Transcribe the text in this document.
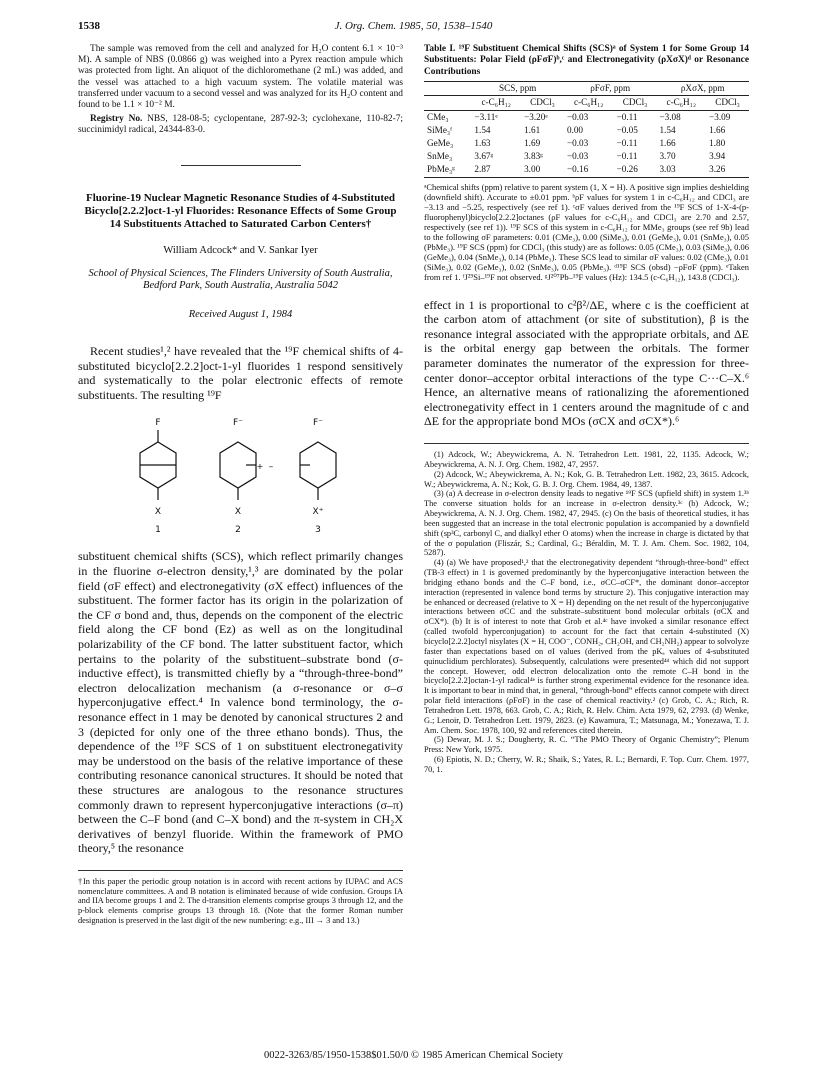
1538	J. Org. Chem. 1985, 50, 1538–1540

The sample was removed from the cell and analyzed for H₂O content 6.1 × 10⁻³ M). A sample of NBS (0.0866 g) was weighed into a Pyrex reaction ampule which was protected from light. An aliquot of the dichloromethane (2 mL) was added, and the vessel was attached to a high vacuum system. The volatile material was transferred under vacuum to a second vessel and was analyzed for its H₂O content and found to be 1.1 × 10⁻² M.

Registry No. NBS, 128-08-5; cyclopentane, 287-92-3; cyclohexane, 110-82-7; succinimidyl radical, 24344-83-0.

Fluorine-19 Nuclear Magnetic Resonance Studies of 4-Substituted Bicyclo[2.2.2]oct-1-yl Fluorides: Resonance Effects of Some Group 14 Substituents Attached to Saturated Carbon Centers†
William Adcock* and V. Sankar Iyer
School of Physical Sciences, The Flinders University of South Australia, Bedford Park, South Australia, Australia 5042
Received August 1, 1984

Recent studies¹,² have revealed that the ¹⁹F chemical shifts of 4-substituted bicyclo[2.2.2]oct-1-yl fluorides 1 respond sensitively and systematically to the polar electronic effects of remote substituents. The resulting ¹⁹F

F	F⁻	F⁻
X	X	X⁺
+ –
1	2	3

substituent chemical shifts (SCS), which reflect primarily changes in the fluorine σ-electron density,¹,³ are dominated by the polar field (σF effect) and electronegativity (σX effect) influences of the substituent. The former factor has its origin in the polarization of the CF σ bond and, thus, depends on the component of the electric field along the CF bond (Ez) as well as on the longitudinal polarizability of the CF bond. The latter substituent factor, which pertains to the polarity of the substituent–substrate bond (σ-inductive effect), is transmitted chiefly by a “through-three-bond” electron delocalization mechanism (a σ-resonance or σ–σ hyperconjugative effect.⁴ In valence bond terminology, the σ-resonance effect in 1 may be denoted by canonical structures 2 and 3 (depicted for only one of the three ethano bonds). Thus, the dependence of the ¹⁹F SCS of 1 on substituent electronegativity may be understood on the basis of the relative importance of these contributing resonance canonical structures. It should be noted that these structures are analogous to the resonance structures commonly drawn to represent hyperconjugative interactions (σ–π) between the C–F bond (and C–X bond) and the π-system in CH₂X derivatives of benzyl fluoride. Within the framework of PMO theory,⁵ the resonance

†In this paper the periodic group notation is in accord with recent actions by IUPAC and ACS nomenclature committees. A and B notation is eliminated because of wide confusion. Groups IA and IIA become groups 1 and 2. The d-transition elements comprise groups 3 through 12, and the p-block elements comprise groups 13 through 18. (Note that the former Roman number designation is preserved in the last digit of the new numbering: e.g., III → 3 and 13.)
Table I. ¹⁹F Substituent Chemical Shifts (SCS)ᵃ of System 1 for Some Group 14 Substituents: Polar Field (ρFσF)ᵇ,ᶜ and Electronegativity (ρXσX)ᵈ or Resonance Contributions
	SCS, ppm		ρFσF, ppm		ρXσX, ppm	
	c-C₆H₁₂	CDCl₃	c-C₆H₁₂	CDCl₃	c-C₆H₁₂	CDCl₃
CMe₃	−3.11ᵉ	−3.20ᵉ	−0.03	−0.11	−3.08	−3.09
SiMe₃ᶠ	1.54	1.61	0.00	−0.05	1.54	1.66
GeMe₃	1.63	1.69	−0.03	−0.11	1.66	1.80
SnMe₃	3.67ᵍ	3.83ᵍ	−0.03	−0.11	3.70	3.94
PbMe₃ᵍ	2.87	3.00	−0.16	−0.26	3.03	3.26
ᵃChemical shifts (ppm) relative to parent system (1, X = H). A positive sign implies deshielding (downfield shift). Accurate to ±0.01 ppm. ᵇρF values for system 1 in c-C₆H₁₂ and CDCl₃ are −3.13 and −5.25, respectively (see ref 1). ᶜσF values derived from the ¹⁹F SCS of 1-X-4-(p-fluorophenyl)bicyclo[2.2.2]octanes (ρF values for c-C₆H₁₂ and CDCl₃ are 2.70 and 2.57, respectively (see ref 1)). ¹⁹F SCS of this system in c-C₆H₁₂ for MMe₃ groups (see ref 9b) lead to the following σF parameters: 0.01 (CMe₃), 0.00 (SiMe₃), 0.01 (GeMe₃), 0.01 (SnMe₃), 0.05 (PbMe₃). ¹⁹F SCS (ppm) for CDCl₃ (this study) are as follows: 0.05 (CMe₃), 0.03 (SiMe₃), 0.06 (GeMe₃), 0.04 (SnMe₃), 0.14 (PbMe₃). These SCS lead to similar σF values: 0.02 (CMe₃), 0.01 (SiMe₃), 0.02 (GeMe₃), 0.02 (SnMe₃), 0.05 (PbMe₃). ᵈ¹⁹F SCS (obsd) −ρFσF (ppm). ᵉTaken from ref 1. ᶠJ²⁹Si–¹⁹F not observed. ᵍJ²⁰⁷Pb–¹⁹F values (Hz): 134.5 (c-C₆H₁₂), 143.8 (CDCl₃).

effect in 1 is proportional to c²β²/ΔE, where c is the coefficient at the carbon atom of attachment (or site of substitution), β is the resonance integral associated with the appropriate orbitals, and ΔE is the orbital energy gap between the orbitals. The former parameter dominates the numerator of the expression for three-center donor–acceptor orbital interactions of the type C···C–X.⁶ Hence, an alternative means of rationalizing the aforementioned electronegativity effect in 1 centers around the magnitude of c and ΔE for the appropriate bond MOs (σCX and σCX*).⁶

(1) Adcock, W.; Abeywickrema, A. N. Tetrahedron Lett. 1981, 22, 1135. Adcock, W.; Abeywickrema, A. N. J. Org. Chem. 1982, 47, 2957.

(2) Adcock, W.; Abeywickrema, A. N.; Kok, G. B. Tetrahedron Lett. 1982, 23, 3615. Adcock, W.; Abeywickrema, A. N.; Kok, G. B. J. Org. Chem. 1984, 49, 1387.

(3) (a) A decrease in σ-electron density leads to negative ¹⁹F SCS (upfield shift) in system 1.³ᵇ The converse situation holds for an increase in σ-electron density.³ᶜ (b) Adcock, W.; Abeywickrema, A. N. J. Org. Chem. 1982, 47, 2945. (c) On the basis of theoretical studies, it has been suggested that an increase in the total electronic population is accompanied by a downfield shift (sp³C, carbonyl C, and dialkyl ether O atoms) when the increase in charge is dictated by that of the σ population (Fliszár, S.; Cardinal, G.; Béraldin, M. T. J. Am. Chem. Soc. 1982, 104, 5287).

(4) (a) We have proposed¹,² that the electronegativity dependent “through-three-bond” effect (TB-3 effect) in 1 is governed predominantly by the hyperconjugative interaction between the bridging ethano bonds and the C–F bond, i.e., σCC–σCF*, the dominant donor–acceptor interaction (represented in valence bond terms by structure 2). This conjugative interaction may be enhanced or decreased (relative to X = H) depending on the net result of the hyperconjugative interactions between σCC and the substrate–substituent bond molecular orbitals (σCX and σCX*). (b) It is of interest to note that Grob et al.⁴ᶜ have invoked a similar resonance effect (called twofold hyperconjugation) to account for the fact that certain 4-substituted (X) bicyclo[2.2.2]octyl nisylates (X = H, COO⁻, CONH₂, CH₂OH, and CH₂NH₂) appear to solvolyze faster than expectations based on σI values (derived from the pKₐ values of 4-substituted quinuclidium perchlorates). Subsequently, calculations were presented⁴ᵈ which did not support the concept. However, odd electron delocalization onto the remote C–H bond in the bicyclo[2.2.2]octan-1-yl radical⁴ᵉ is further strong experimental evidence for the resonance idea. It is important to bear in mind that, in general, “through-bond” effects cannot compete with direct polar field interactions (ρFσF) in the case of chemical reactivity.² (c) Grob, C. A.; Rich, R. Tetrahedron Lett. 1978, 663. Grob, C. A.; Rich, R. Helv. Chim. Acta 1979, 62, 2793. (d) Wenke, G.; Lenoir, D. Tetrahedron Lett. 1979, 2823. (e) Kawamura, T.; Matsunaga, M.; Yonezawa, T. J. Am. Chem. Soc. 1978, 100, 92 and references cited therein.

(5) Dewar, M. J. S.; Dougherty, R. C. “The PMO Theory of Organic Chemistry”; Plenum Press: New York, 1975.

(6) Epiotis, N. D.; Cherry, W. R.; Shaik, S.; Yates, R. L.; Bernardi, F. Top. Curr. Chem. 1977, 70, 1.

0022-3263/85/1950-1538$01.50/0 © 1985 American Chemical Society
